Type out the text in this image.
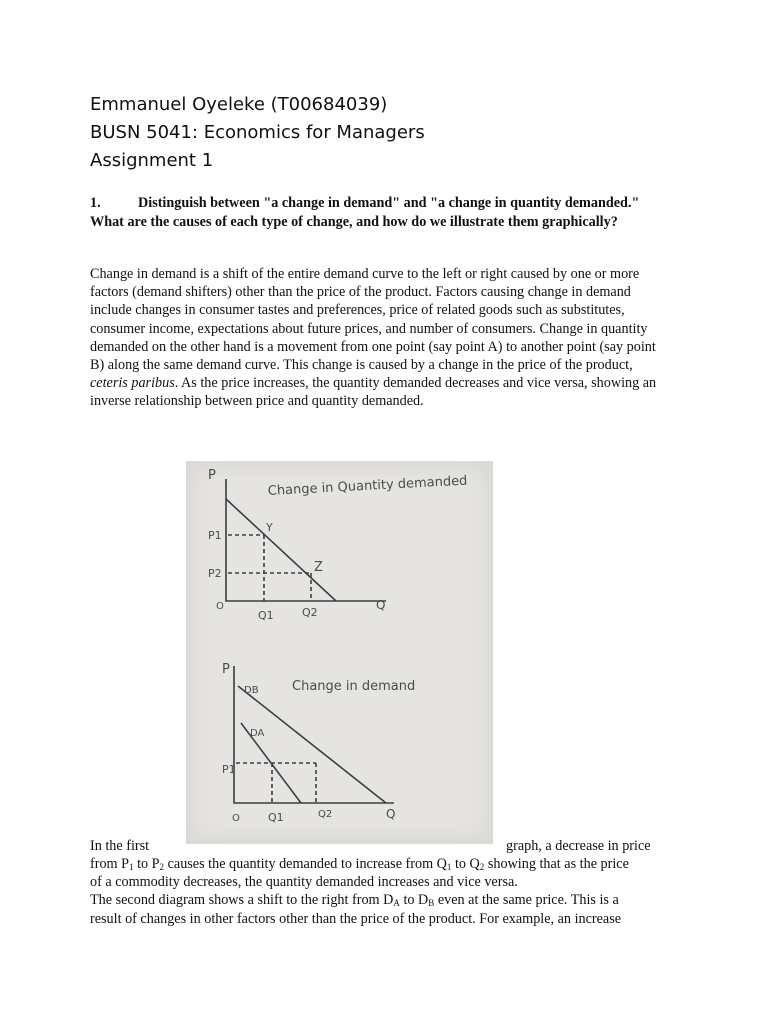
Emmanuel Oyeleke (T00684039)
BUSN 5041: Economics for Managers
Assignment 1
1.	Distinguish between "a change in demand" and "a change in quantity demanded." What are the causes of each type of change, and how do we illustrate them graphically?
Change in demand is a shift of the entire demand curve to the left or right caused by one or more factors (demand shifters) other than the price of the product. Factors causing change in demand include changes in consumer tastes and preferences, price of related goods such as substitutes, consumer income, expectations about future prices, and number of consumers. Change in quantity demanded on the other hand is a movement from one point (say point A) to another point (say point B) along the same demand curve. This change is caused by a change in the price of the product, ceteris paribus. As the price increases, the quantity demanded decreases and vice versa, showing an inverse relationship between price and quantity demanded.
P	Change in Quantity demanded
P1
P2
Y
Z
O
Q1	Q2
Q
P
DB	Change in demand
DA
P1
O	Q1	Q2	Q
In the first	graph, a decrease in price
from $P_1$ to $P_2$ causes the quantity demanded to increase from $Q_1$ to $Q_2$ showing that as the price
of a commodity decreases, the quantity demanded increases and vice versa.
The second diagram shows a shift to the right from $D_A$ to $D_B$ even at the same price. This is a
result of changes in other factors other than the price of the product. For example, an increase
